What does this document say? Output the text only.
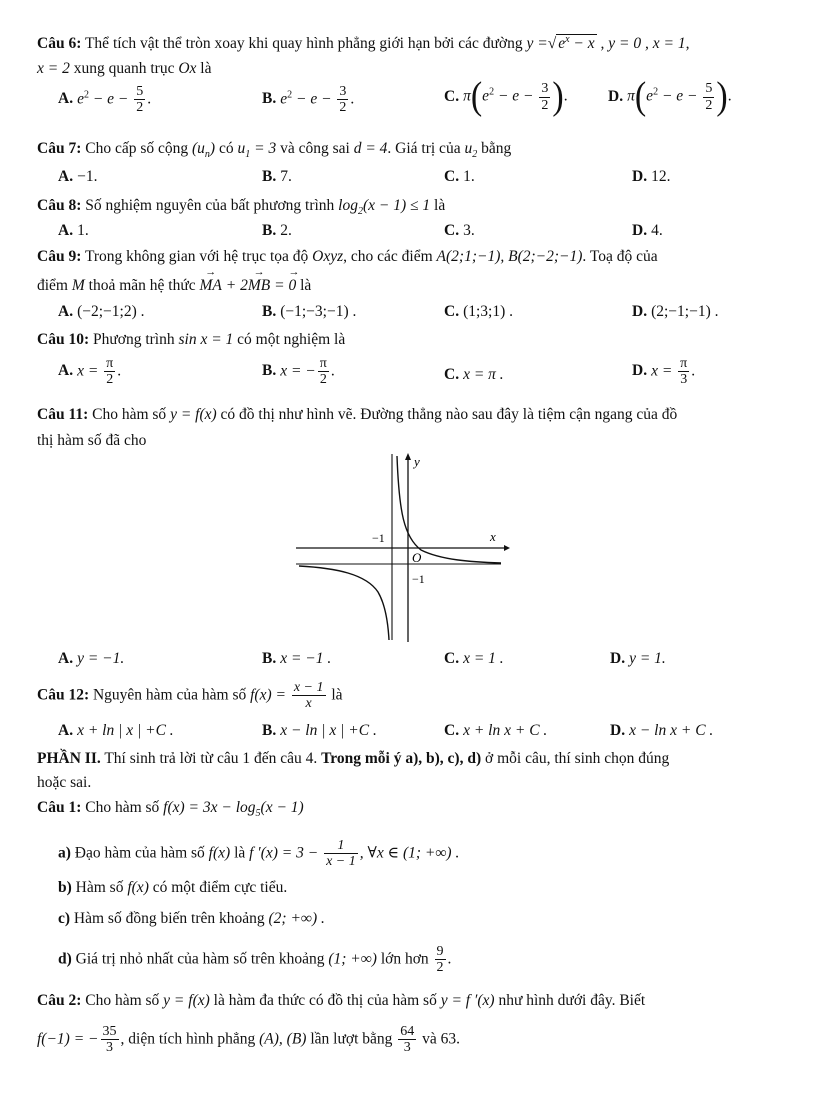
Câu 6: Thể tích vật thể tròn xoay khi quay hình phẳng giới hạn bởi các đường y =√ $e^x - x$ , y = 0 , x = 1,
x = 2 xung quanh trục Ox là
A. $e^2 - e - \frac{5}{2}$ .	B. $e^2 - e - \frac{3}{2}$ .	C. $\pi(e^2 - e - \frac{3}{2}$ ).	D. $\pi(e^2 - e - \frac{5}{2}$ ).
Câu 7: Cho cấp số cộng $(u_n)$ có $u_1 = 3$ và công sai d = 4. Giá trị của $u_2$ bằng
A. −1.	B. 7.	C. 1.	D. 12.
Câu 8: Số nghiệm nguyên của bất phương trình $\log_2(x - 1) \le 1$ là
A. 1.	B. 2.	C. 3.	D. 4.
Câu 9: Trong không gian với hệ trục tọa độ Oxyz, cho các điểm A(2;1;−1), B(2;−2;−1). Toạ độ của
điểm M thoả mãn hệ thức → MA + 2→ MB = → 0 là
A. (−2;−1;2) .	B. (−1;−3;−1) .	C. (1;3;1) .	D. (2;−1;−1) .
Câu 10: Phương trình sin x = 1 có một nghiệm là
A. $x = \frac{\pi}{2}$ .	B. x = − $\frac{\pi}{2}$ .	C. x = π .	D. $x = \frac{\pi}{3}$ .
Câu 11: Cho hàm số y = f(x) có đồ thị như hình vẽ. Đường thẳng nào sau đây là tiệm cận ngang của đồ
thị hàm số đã cho
y
x
O
−1
−1
A. y = −1.	B. x = −1 .	C. x = 1 .	D. y = 1.
Câu 12: Nguyên hàm của hàm số $f(x) = \frac{x - 1}{x}$ là
A. x + ln | x | +C .	B. x − ln | x | +C .	C. x + ln x + C .	D. x − ln x + C .
PHẦN II. Thí sinh trả lời từ câu 1 đến câu 4. Trong mỗi ý a), b), c), d) ở mỗi câu, thí sinh chọn đúng
hoặc sai.
Câu 1: Cho hàm số $f(x) = 3x - \log_5(x - 1)$
a) Đạo hàm của hàm số f(x) là f $'(x) = 3 - \frac{1}{x - 1}$ , ∀x ∈ (1; +∞) .
b) Hàm số f(x) có một điểm cực tiểu.
c) Hàm số đồng biến trên khoảng (2; +∞) .
d) Giá trị nhỏ nhất của hàm số trên khoảng (1; +∞) lớn hơn $\frac{9}{2}$ .
Câu 2: Cho hàm số y = f(x) là hàm đa thức có đồ thị của hàm số y = f ′(x) như hình dưới đây. Biết
f(−1) = − $\frac{35}{3}$ , diện tích hình phẳng (A), (B) lần lượt bằng $\frac{64}{3}$ và 63.
